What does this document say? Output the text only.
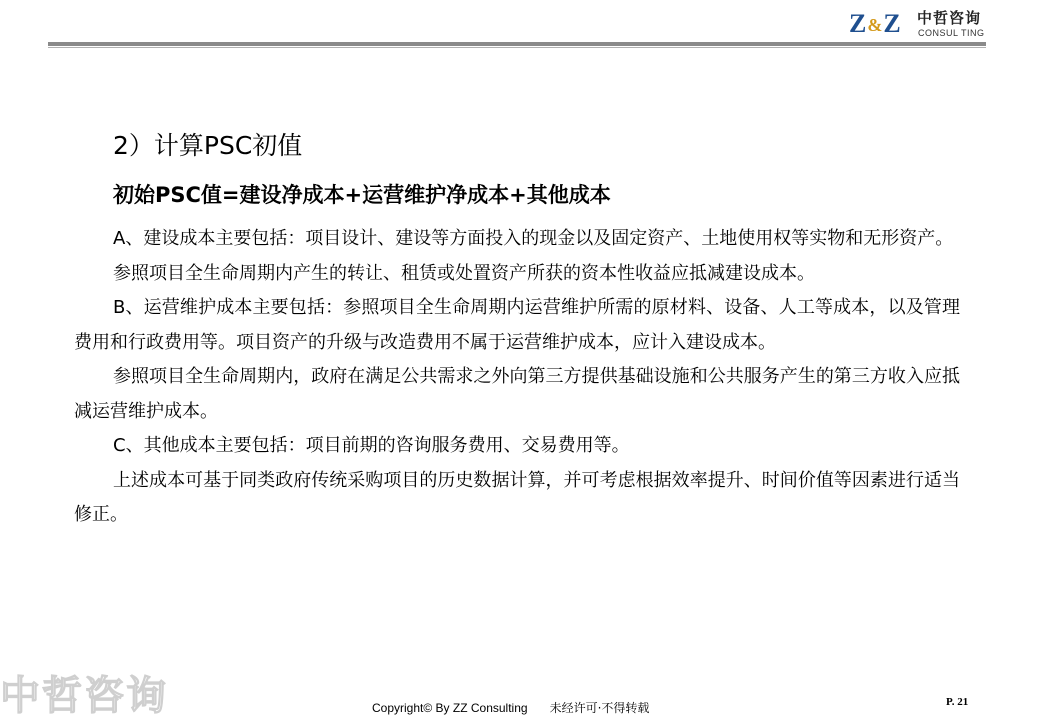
Z&Z 中哲咨询
CONSUL TING
2）计算PSC初值
初始PSC值=建设净成本+运营维护净成本+其他成本

A、建设成本主要包括：项目设计、建设等方面投入的现金以及固定资产、土地使用权等实物和无形资产。

参照项目全生命周期内产生的转让、租赁或处置资产所获的资本性收益应抵减建设成本。

B、运营维护成本主要包括：参照项目全生命周期内运营维护所需的原材料、设备、人工等成本，以及管理费用和行政费用等。项目资产的升级与改造费用不属于运营维护成本，应计入建设成本。

参照项目全生命周期内，政府在满足公共需求之外向第三方提供基础设施和公共服务产生的第三方收入应抵减运营维护成本。

C、其他成本主要包括：项目前期的咨询服务费用、交易费用等。

上述成本可基于同类政府传统采购项目的历史数据计算，并可考虑根据效率提升、时间价值等因素进行适当修正。

中哲咨询	Copyright© By ZZ Consulting 未经许可·不得转载	P. 21
